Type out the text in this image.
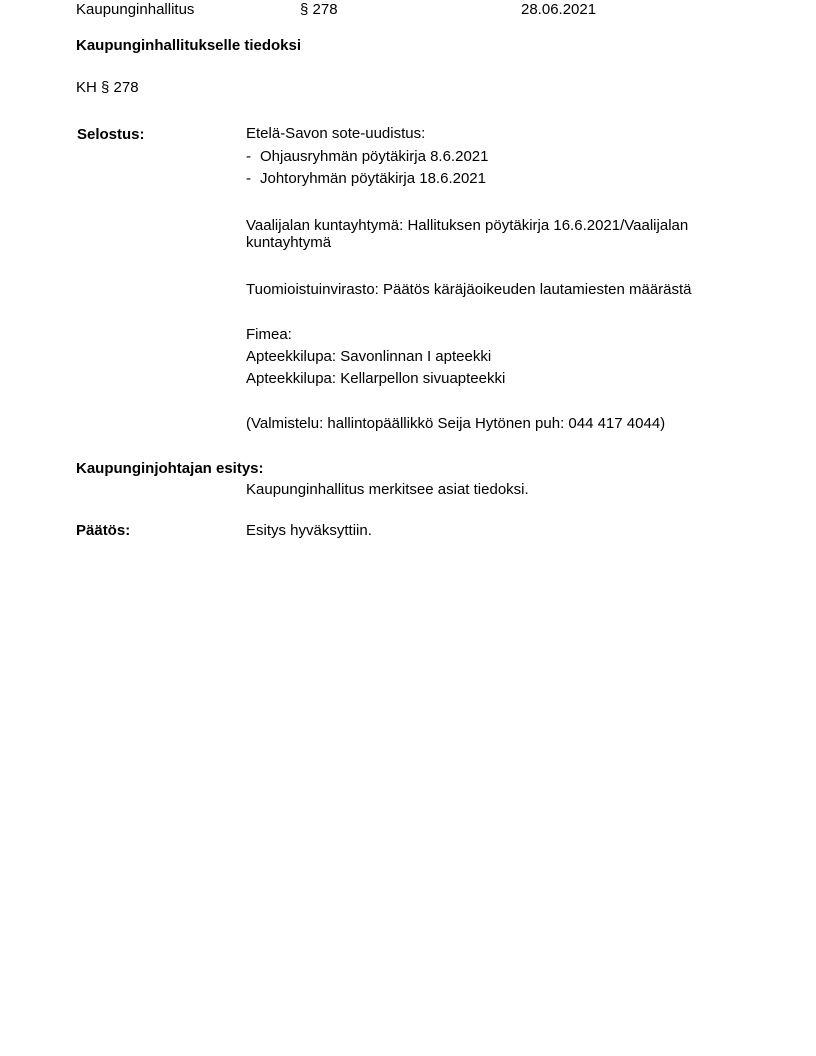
Kaupunginhallitus	§ 278	28.06.2021
Kaupunginhallitukselle tiedoksi
KH § 278
Selostus:	Etelä-Savon sote-uudistus:
- Ohjausryhmän pöytäkirja 8.6.2021
- Johtoryhmän pöytäkirja 18.6.2021
Vaalijalan kuntayhtymä: Hallituksen pöytäkirja 16.6.2021/Vaalijalan kuntayhtymä
Tuomioistuinvirasto: Päätös käräjäoikeuden lautamiesten määrästä
Fimea:
Apteekkilupa: Savonlinnan I apteekki
Apteekkilupa: Kellarpellon sivuapteekki
(Valmistelu: hallintopäällikkö Seija Hytönen puh: 044 417 4044)
Kaupunginjohtajan esitys:
Kaupunginhallitus merkitsee asiat tiedoksi.
Päätös:	Esitys hyväksyttiin.
